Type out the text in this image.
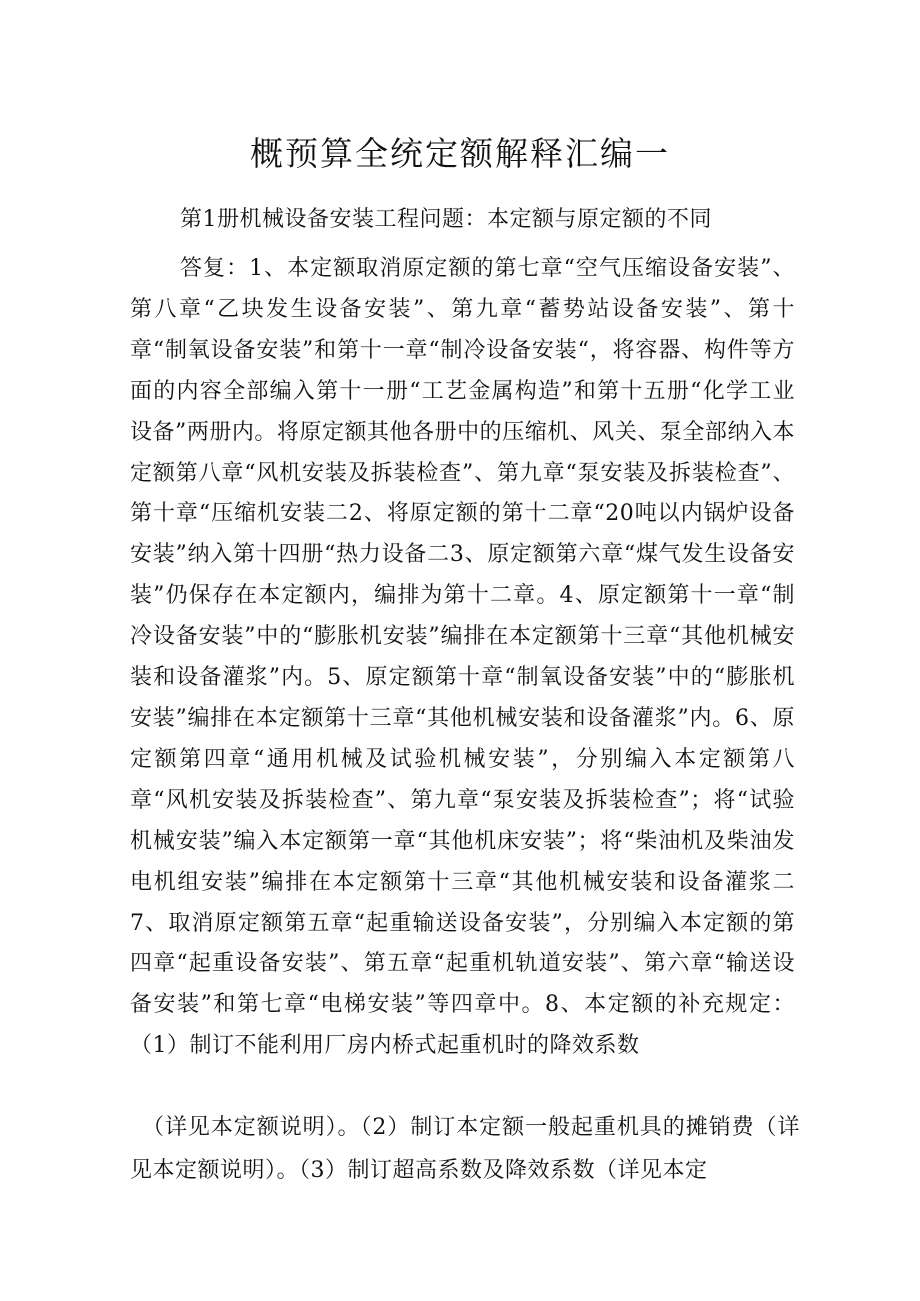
概预算全统定额解释汇编一

第1册机械设备安装工程问题：本定额与原定额的不同

答复：1、本定额取消原定额的第七章“空气压缩设备安装”、第八章“乙块发生设备安装”、第九章“蓄势站设备安装”、第十章“制氧设备安装”和第十一章“制冷设备安装“，将容器、构件等方面的内容全部编入第十一册“工艺金属构造”和第十五册“化学工业设备”两册内。将原定额其他各册中的压缩机、风关、泵全部纳入本定额第八章“风机安装及拆装检查”、第九章“泵安装及拆装检查”、第十章“压缩机安装二2、将原定额的第十二章“20吨以内锅炉设备安装”纳入第十四册“热力设备二3、原定额第六章“煤气发生设备安装”仍保存在本定额内，编排为第十二章。4、原定额第十一章“制冷设备安装”中的“膨胀机安装”编排在本定额第十三章“其他机械安装和设备灌浆”内。5、原定额第十章“制氧设备安装”中的“膨胀机安装”编排在本定额第十三章“其他机械安装和设备灌浆”内。6、原定额第四章“通用机械及试验机械安装”，分别编入本定额第八章“风机安装及拆装检查”、第九章“泵安装及拆装检查”；将“试验机械安装”编入本定额第一章“其他机床安装”；将“柴油机及柴油发电机组安装”编排在本定额第十三章“其他机械安装和设备灌浆二7、取消原定额第五章“起重输送设备安装”，分别编入本定额的第四章“起重设备安装”、第五章“起重机轨道安装”、第六章“输送设备安装”和第七章“电梯安装”等四章中。8、本定额的补充规定：（1）制订不能利用厂房内桥式起重机时的降效系数

（详见本定额说明）。（2）制订本定额一般起重机具的摊销费（详见本定额说明）。（3）制订超高系数及降效系数（详见本定
